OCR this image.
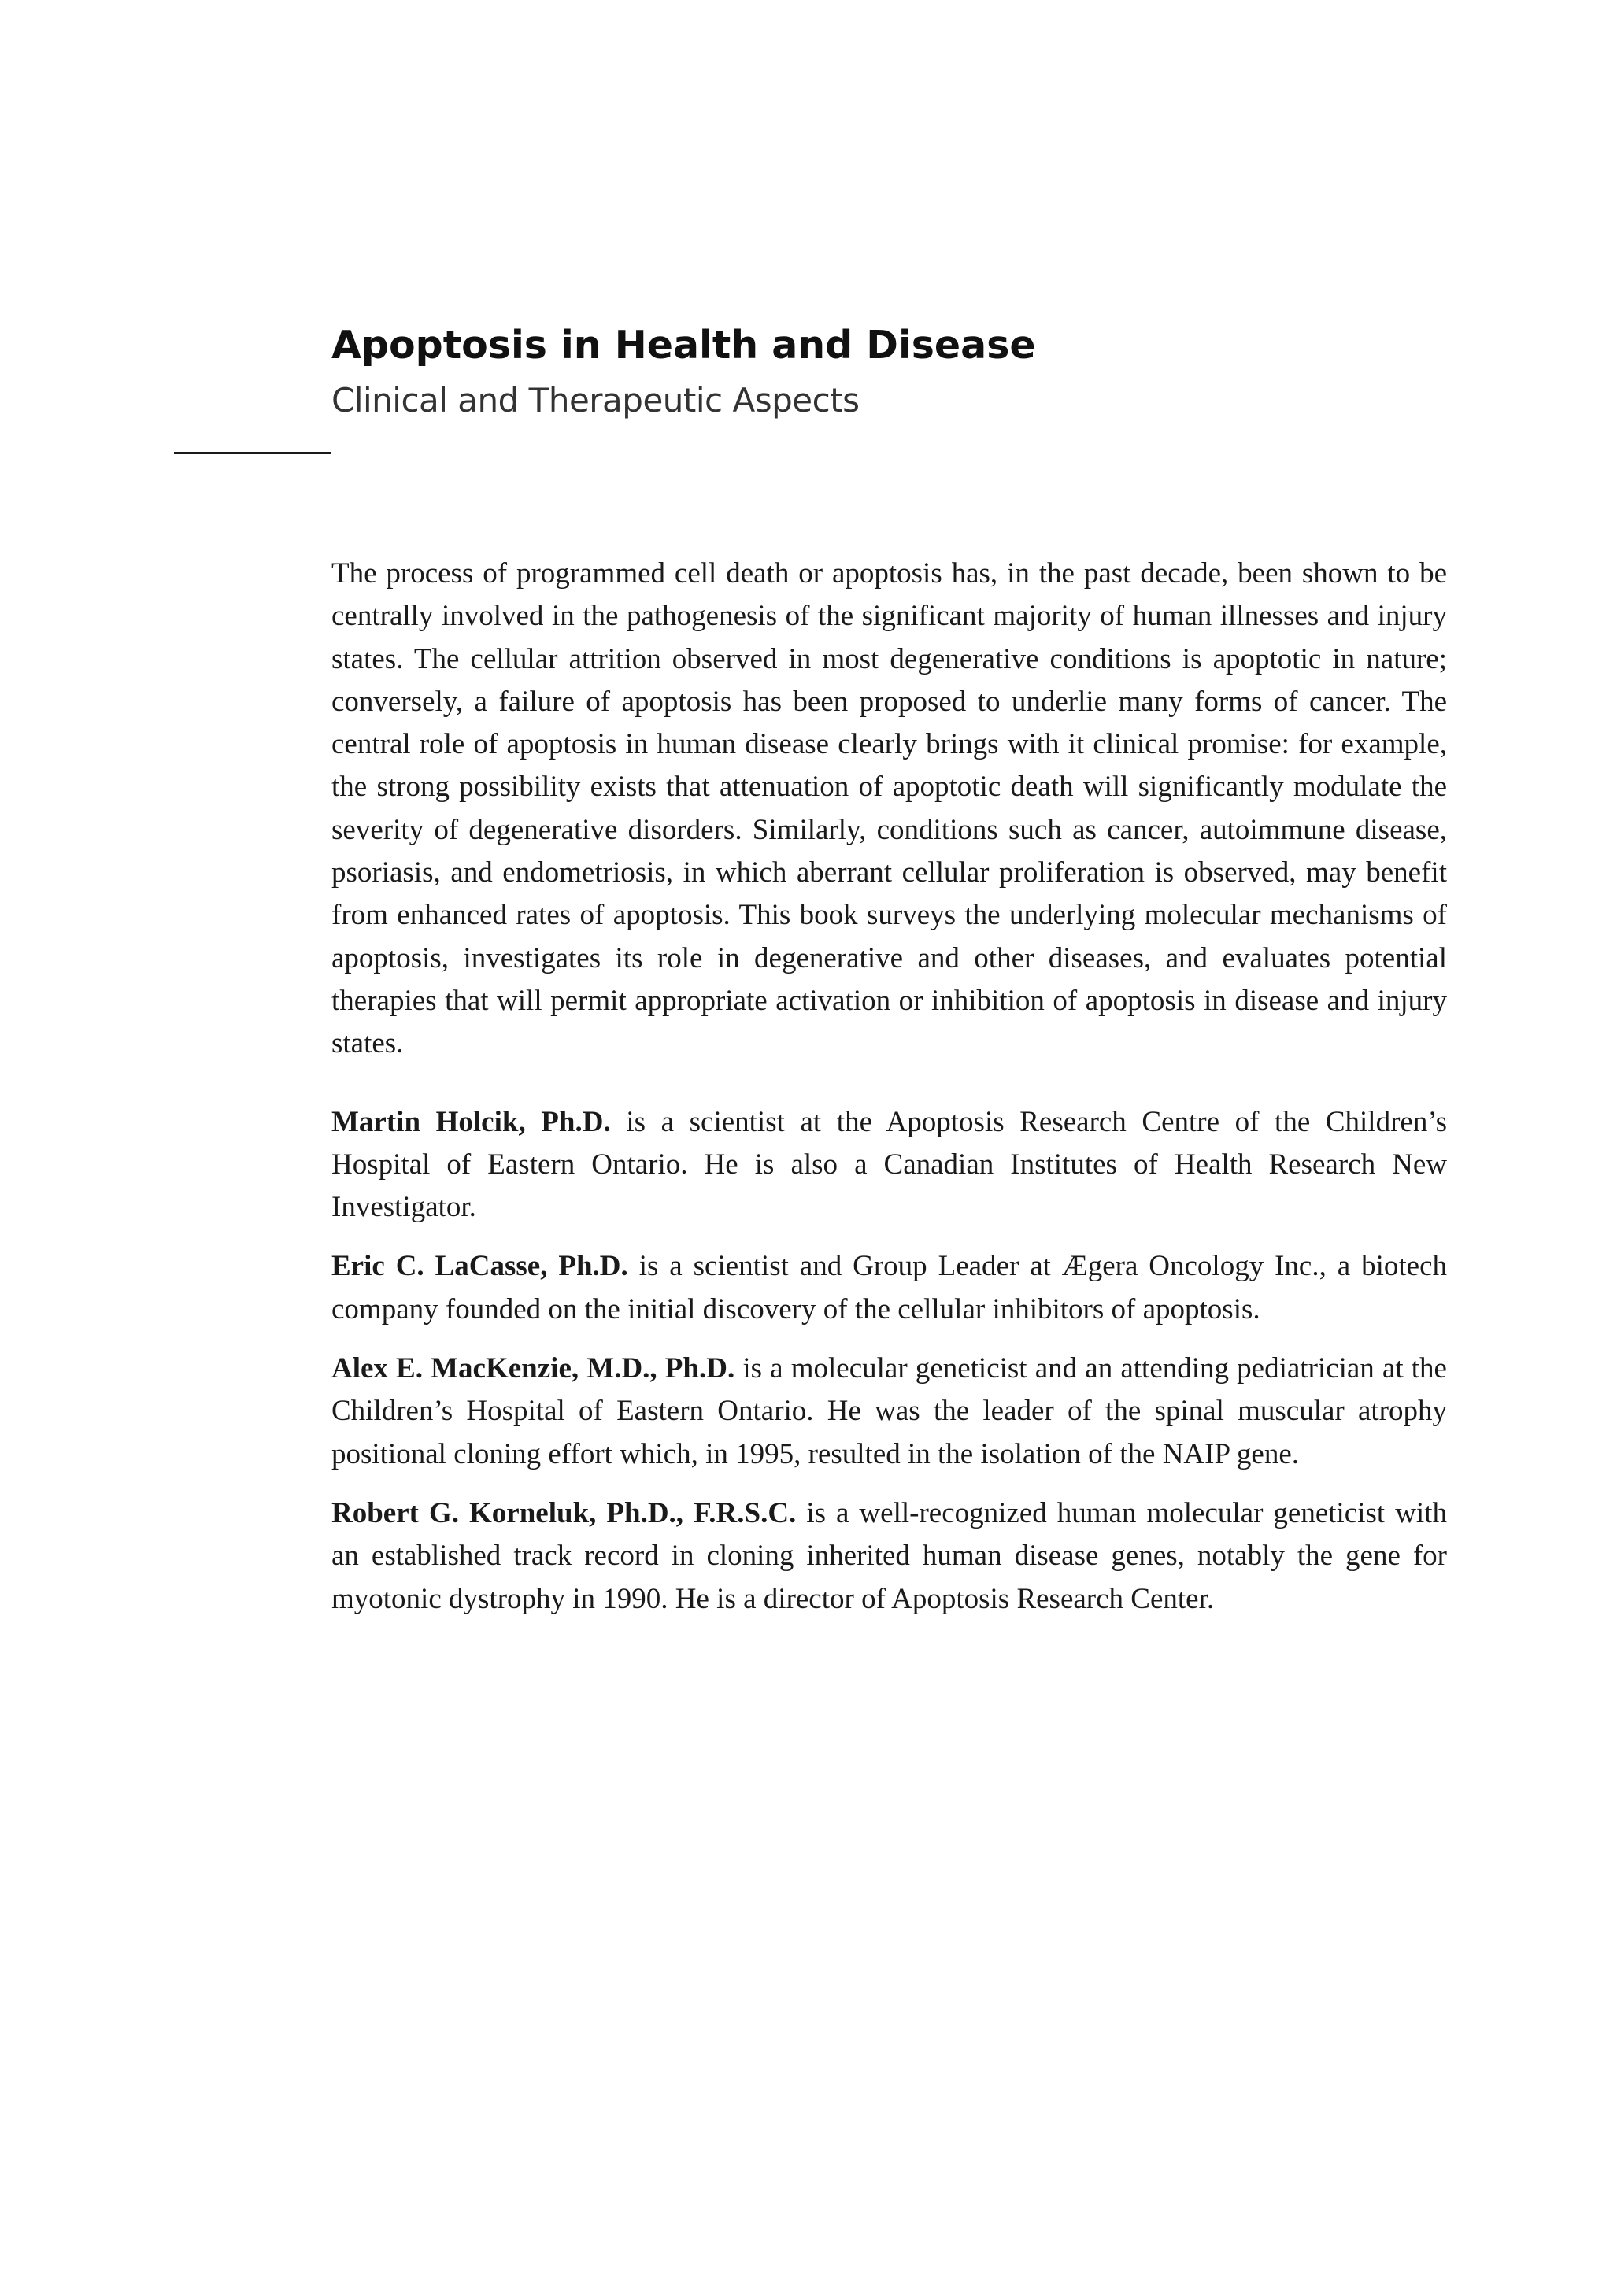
Apoptosis in Health and Disease
Clinical and Therapeutic Aspects

The process of programmed cell death or apoptosis has, in the past decade, been shown to be centrally involved in the pathogenesis of the significant majority of human illnesses and injury states. The cellular attrition observed in most degenerative conditions is apoptotic in nature; conversely, a failure of apoptosis has been proposed to underlie many forms of cancer. The central role of apoptosis in human disease clearly brings with it clinical promise: for example, the strong possibility exists that attenuation of apoptotic death will significantly modulate the severity of degenerative disorders. Similarly, conditions such as cancer, autoimmune disease, psoriasis, and endometriosis, in which aberrant cellular proliferation is observed, may benefit from enhanced rates of apoptosis. This book surveys the underlying molecular mechanisms of apoptosis, investigates its role in degenerative and other diseases, and evaluates potential therapies that will permit appropriate activation or inhibition of apoptosis in disease and injury states.

Martin Holcik, Ph.D. is a scientist at the Apoptosis Research Centre of the Children’s Hospital of Eastern Ontario. He is also a Canadian Institutes of Health Research New Investigator.

Eric C. LaCasse, Ph.D. is a scientist and Group Leader at Ægera Oncology Inc., a biotech company founded on the initial discovery of the cellular inhibitors of apoptosis.

Alex E. MacKenzie, M.D., Ph.D. is a molecular geneticist and an attending pediatrician at the Children’s Hospital of Eastern Ontario. He was the leader of the spinal muscular atrophy positional cloning effort which, in 1995, resulted in the isolation of the NAIP gene.

Robert G. Korneluk, Ph.D., F.R.S.C. is a well-recognized human molecular geneticist with an established track record in cloning inherited human disease genes, notably the gene for myotonic dystrophy in 1990. He is a director of Apoptosis Research Center.
